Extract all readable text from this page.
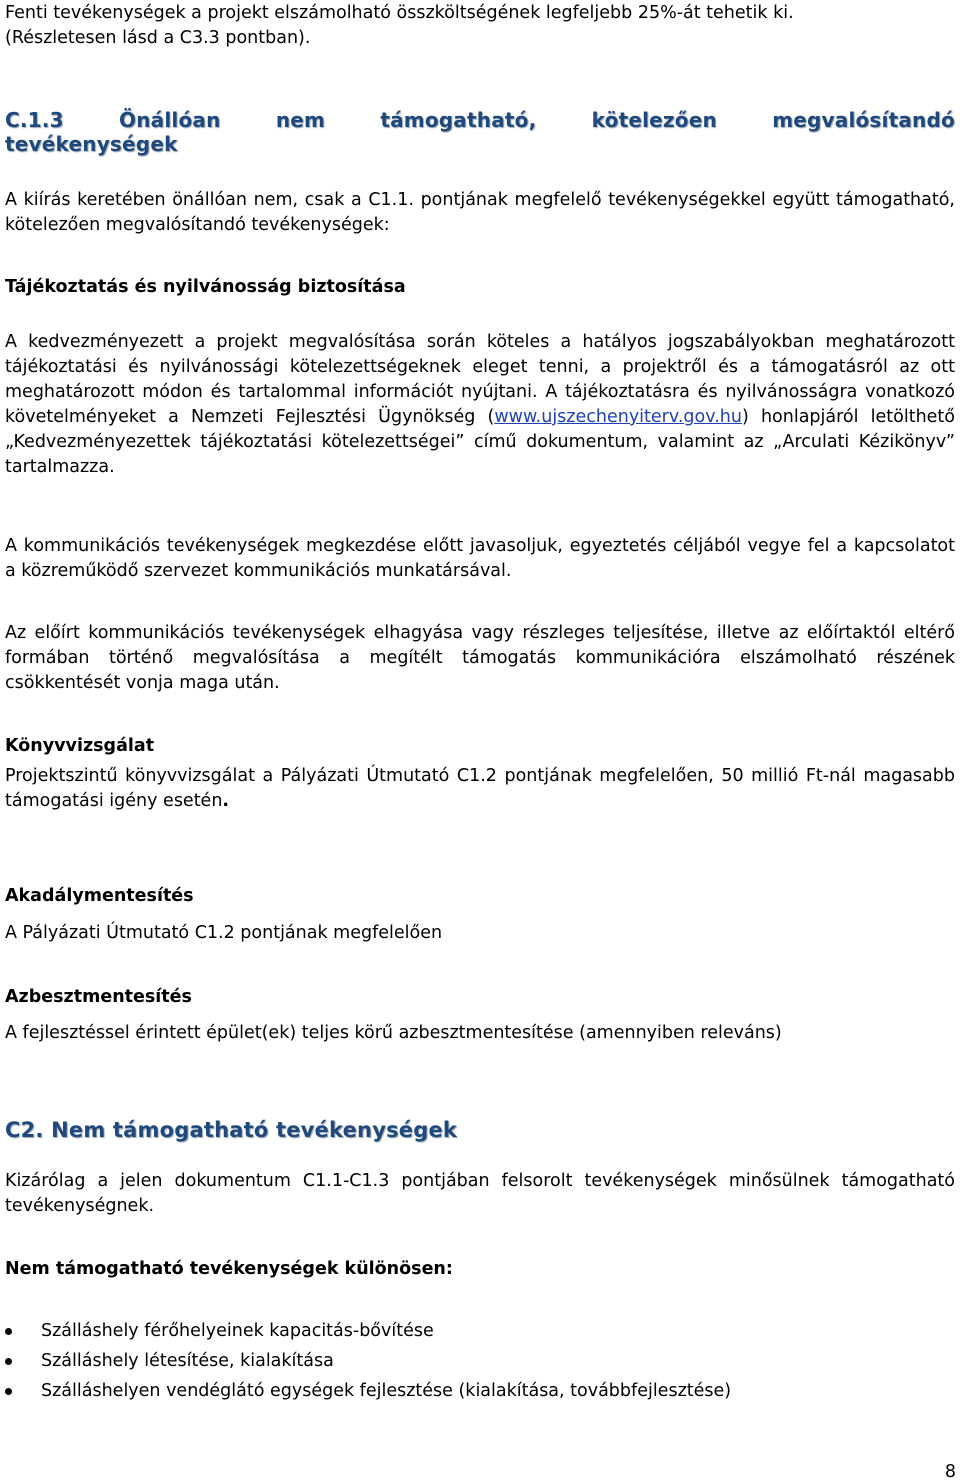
Fenti tevékenységek a projekt elszámolható összköltségének legfeljebb 25%-át tehetik ki.
(Részletesen lásd a C3.3 pontban).

C.1.3	Önállóan	nem	támogatható,	kötelezően	megvalósítandó
tevékenységek

A kiírás keretében önállóan nem, csak a C1.1. pontjának megfelelő tevékenységekkel együtt támogatható, kötelezően megvalósítandó tevékenységek:

Tájékoztatás és nyilvánosság biztosítása

A kedvezményezett a projekt megvalósítása során köteles a hatályos jogszabályokban meghatározott tájékoztatási és nyilvánossági kötelezettségeknek eleget tenni, a projektről és a támogatásról az ott meghatározott módon és tartalommal információt nyújtani. A tájékoztatásra és nyilvánosságra vonatkozó követelményeket a Nemzeti Fejlesztési Ügynökség (www.ujszechenyiterv.gov.hu) honlapjáról letölthető „Kedvezményezettek tájékoztatási kötelezettségei” című dokumentum, valamint az „Arculati Kézikönyv” tartalmazza.

A kommunikációs tevékenységek megkezdése előtt javasoljuk, egyeztetés céljából vegye fel a kapcsolatot a közreműködő szervezet kommunikációs munkatársával.

Az előírt kommunikációs tevékenységek elhagyása vagy részleges teljesítése, illetve az előírtaktól eltérő formában történő megvalósítása a megítélt támogatás kommunikációra elszámolható részének csökkentését vonja maga után.

Könyvvizsgálat

Projektszintű könyvvizsgálat a Pályázati Útmutató C1.2 pontjának megfelelően, 50 millió Ft-nál magasabb támogatási igény esetén.

Akadálymentesítés

A Pályázati Útmutató C1.2 pontjának megfelelően

Azbesztmentesítés

A fejlesztéssel érintett épület(ek) teljes körű azbesztmentesítése (amennyiben releváns)

C2. Nem támogatható tevékenységek

Kizárólag a jelen dokumentum C1.1-C1.3 pontjában felsorolt tevékenységek minősülnek támogatható tevékenységnek.

Nem támogatható tevékenységek különösen:

Szálláshely férőhelyeinek kapacitás-bővítése
Szálláshely létesítése, kialakítása
Szálláshelyen vendéglátó egységek fejlesztése (kialakítása, továbbfejlesztése)
8
